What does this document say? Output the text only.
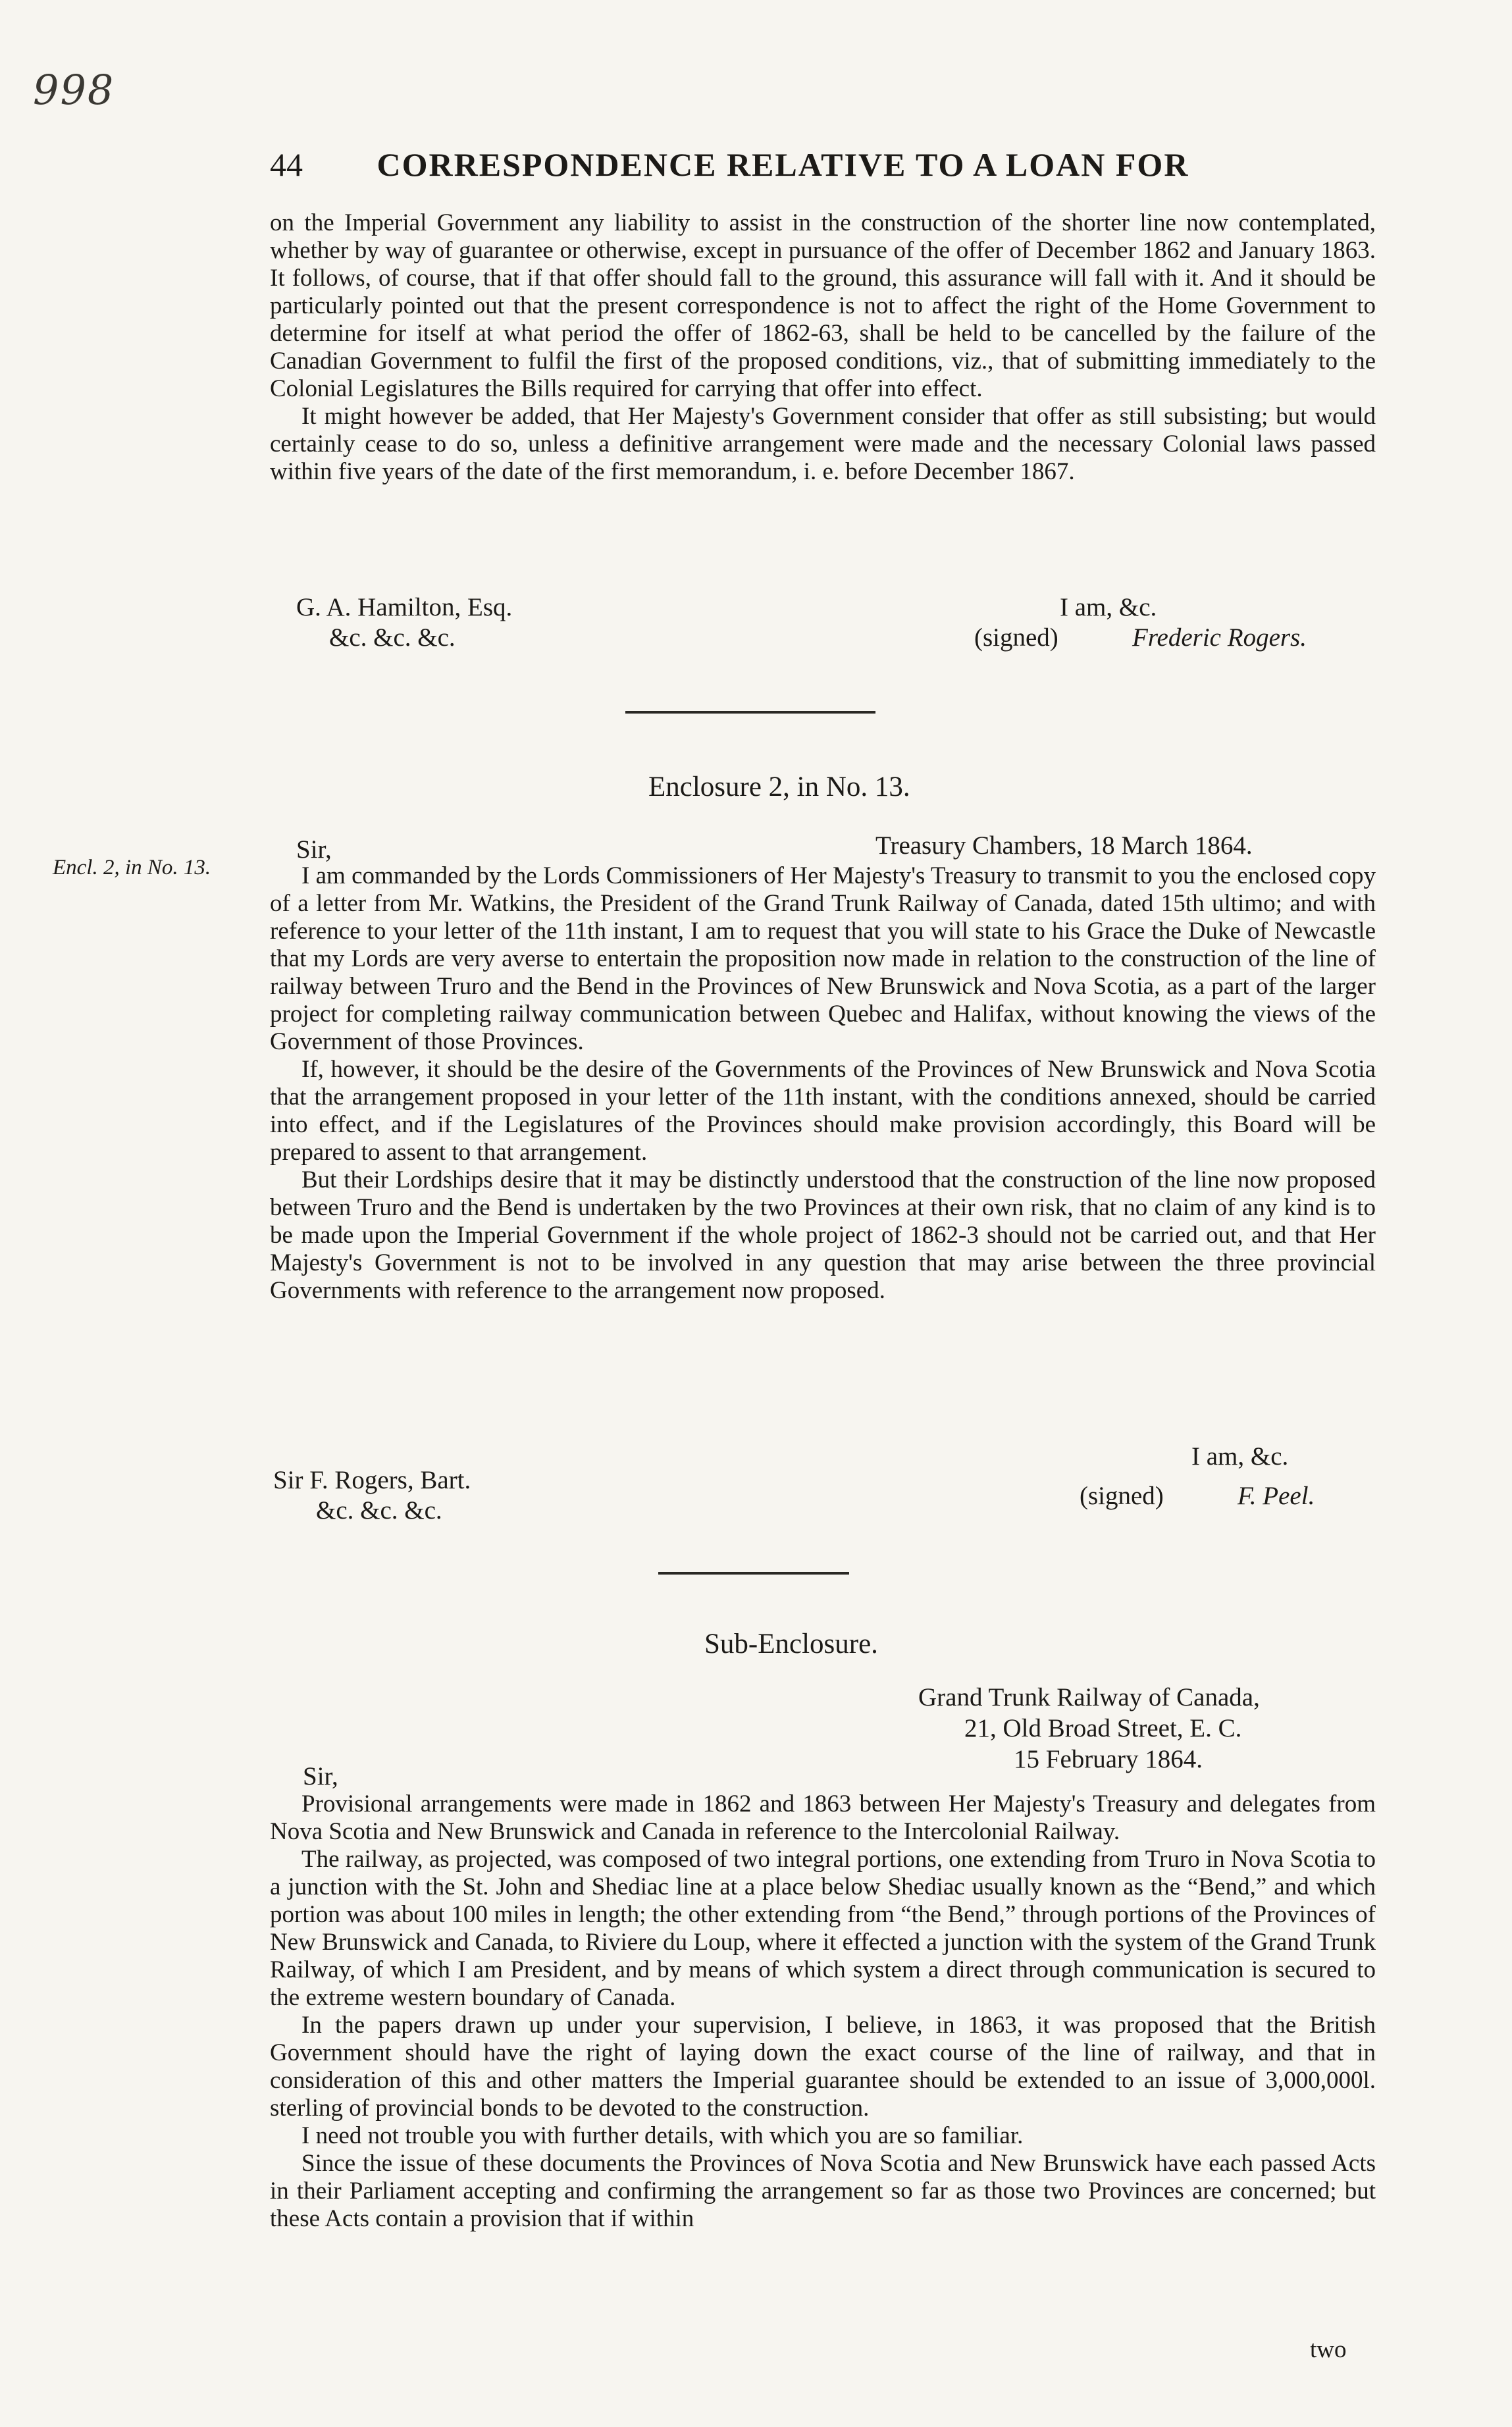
998
44 CORRESPONDENCE RELATIVE TO A LOAN FOR

on the Imperial Government any liability to assist in the construction of the shorter line now contemplated, whether by way of guarantee or otherwise, except in pursuance of the offer of December 1862 and January 1863. It follows, of course, that if that offer should fall to the ground, this assurance will fall with it. And it should be particularly pointed out that the present correspondence is not to affect the right of the Home Government to determine for itself at what period the offer of 1862-63, shall be held to be cancelled by the failure of the Canadian Government to fulfil the first of the proposed conditions, viz., that of submitting immediately to the Colonial Legislatures the Bills required for carrying that offer into effect.

It might however be added, that Her Majesty's Government consider that offer as still subsisting; but would certainly cease to do so, unless a definitive arrangement were made and the necessary Colonial laws passed within five years of the date of the first memorandum, i. e. before December 1867.

G. A. Hamilton, Esq.
&c. &c. &c.
I am, &c.
(signed)	Frederic Rogers.
Enclosure 2, in No. 13.
Encl. 2, in No. 13.
Sir,	Treasury Chambers, 18 March 1864.

I am commanded by the Lords Commissioners of Her Majesty's Treasury to transmit to you the enclosed copy of a letter from Mr. Watkins, the President of the Grand Trunk Railway of Canada, dated 15th ultimo; and with reference to your letter of the 11th instant, I am to request that you will state to his Grace the Duke of Newcastle that my Lords are very averse to entertain the proposition now made in relation to the construction of the line of railway between Truro and the Bend in the Provinces of New Brunswick and Nova Scotia, as a part of the larger project for completing railway communication between Quebec and Halifax, without knowing the views of the Government of those Provinces.

If, however, it should be the desire of the Governments of the Provinces of New Brunswick and Nova Scotia that the arrangement proposed in your letter of the 11th instant, with the conditions annexed, should be carried into effect, and if the Legislatures of the Provinces should make provision accordingly, this Board will be prepared to assent to that arrangement.

But their Lordships desire that it may be distinctly understood that the construction of the line now proposed between Truro and the Bend is undertaken by the two Provinces at their own risk, that no claim of any kind is to be made upon the Imperial Government if the whole project of 1862-3 should not be carried out, and that Her Majesty's Government is not to be involved in any question that may arise between the three provincial Governments with reference to the arrangement now proposed.

I am, &c.
Sir F. Rogers, Bart.
&c. &c. &c.
(signed)	F. Peel.
Sub-Enclosure.
Grand Trunk Railway of Canada,
21, Old Broad Street, E. C.
15 February 1864.
Sir,

Provisional arrangements were made in 1862 and 1863 between Her Majesty's Treasury and delegates from Nova Scotia and New Brunswick and Canada in reference to the Intercolonial Railway.

The railway, as projected, was composed of two integral portions, one extending from Truro in Nova Scotia to a junction with the St. John and Shediac line at a place below Shediac usually known as the “Bend,” and which portion was about 100 miles in length; the other extending from “the Bend,” through portions of the Provinces of New Brunswick and Canada, to Riviere du Loup, where it effected a junction with the system of the Grand Trunk Railway, of which I am President, and by means of which system a direct through communication is secured to the extreme western boundary of Canada.

In the papers drawn up under your supervision, I believe, in 1863, it was proposed that the British Government should have the right of laying down the exact course of the line of railway, and that in consideration of this and other matters the Imperial guarantee should be extended to an issue of 3,000,000l. sterling of provincial bonds to be devoted to the construction.

I need not trouble you with further details, with which you are so familiar.

Since the issue of these documents the Provinces of Nova Scotia and New Brunswick have each passed Acts in their Parliament accepting and confirming the arrangement so far as those two Provinces are concerned; but these Acts contain a provision that if within

two
